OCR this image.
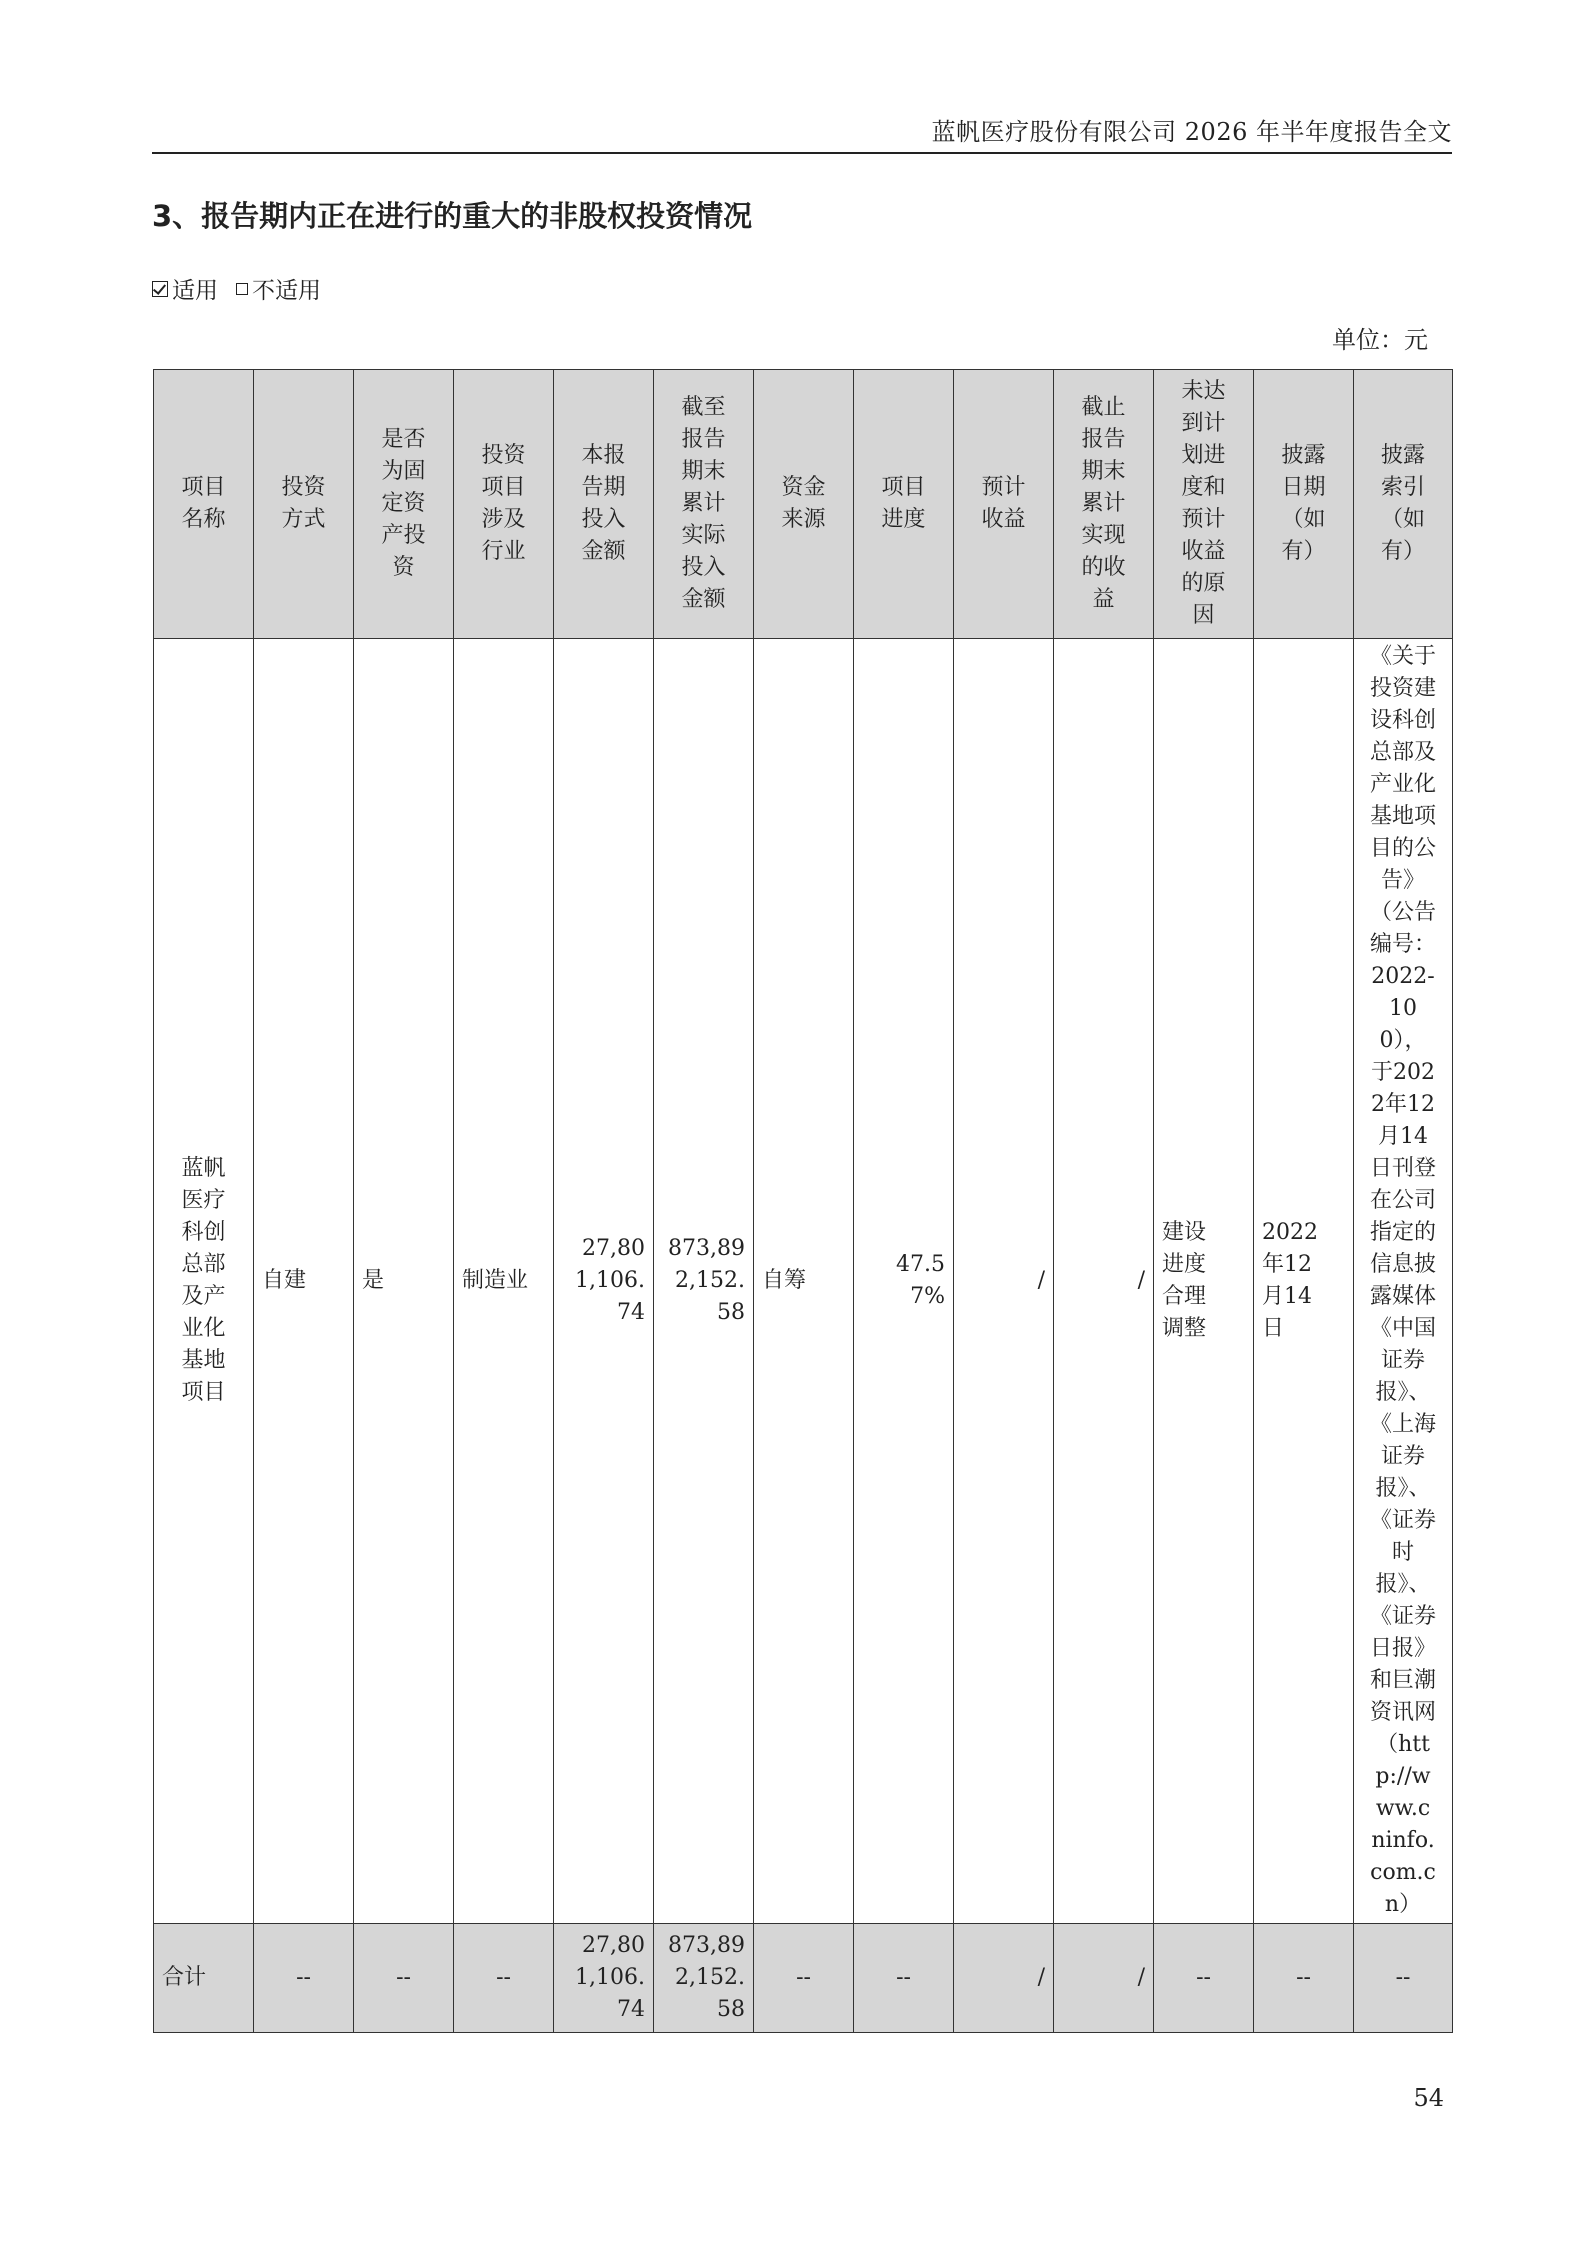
蓝帆医疗股份有限公司 2026 年半年度报告全文
3、报告期内正在进行的重大的非股权投资情况
适用 不适用
单位：元
项目名称	投资方式	是否为固定资产投资	投资项目涉及行业	本报告期投入金额	截至报告期末累计实际投入金额	资金来源	项目进度	预计收益	截止报告期末累计实现的收益	未达到计划进度和预计收益的原因	披露日期（如有）	披露索引（如有）

蓝帆医疗科创总部及产业化基地项目	自建	是	制造业	27,801,106.74	873,892,152.58	自筹	47.57%	/	/	建设进度合理调整	2022年12月14日	《关于投资建设科创总部及产业化基地项目的公告》（公告编号：2022-100），于2022年12月14日刊登在公司指定的信息披露媒体《中国证券报》、《上海证券报》、《证券时报》、《证券日报》和巨潮资讯网（http://www.cninfo.com.cn）

合计	--	--	--	27,801,106.74	873,892,152.58	--	--	/	/	--	--	--
54
